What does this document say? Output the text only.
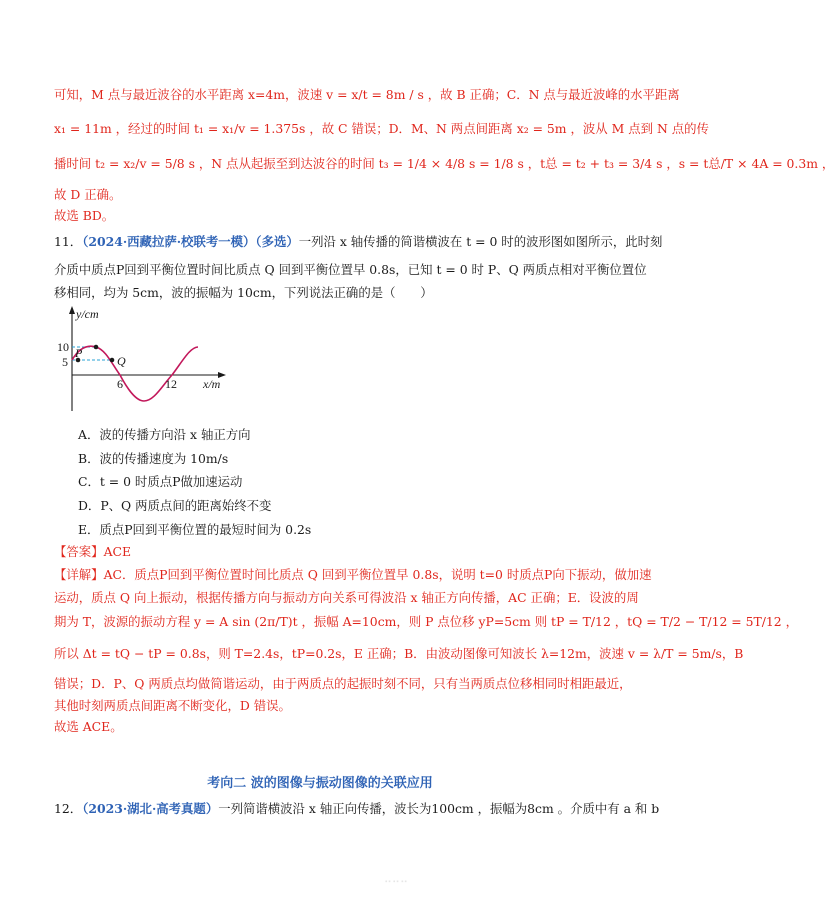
可知，M 点与最近波谷的水平距离 x=4m，波速 v = x/t = 8m / s ，故 B 正确；C．N 点与最近波峰的水平距离
x₁ = 11m ，经过的时间 t₁ = x₁/v = 1.375s ，故 C 错误；D．M、N 两点间距离 x₂ = 5m ，波从 M 点到 N 点的传
播时间 t₂ = x₂/v = 5/8 s ，N 点从起振至到达波谷的时间 t₃ = 1/4 × 4/8 s = 1/8 s ，t总 = t₂ + t₃ = 3/4 s ，s = t总/T × 4A = 0.3m ，
故 D 正确。
故选 BD。
11．（2024·西藏拉萨·校联考一模）（多选）一列沿 x 轴传播的简谐横波在 t = 0 时的波形图如图所示，此时刻
介质中质点P回到平衡位置时间比质点 Q 回到平衡位置早 0.8s，已知 t = 0 时 P、Q 两质点相对平衡位置位
移相同，均为 5cm，波的振幅为 10cm，下列说法正确的是（　　）
y/cm
10
5
P
Q
6	12 x/m
A．波的传播方向沿 x 轴正方向
B．波的传播速度为 10m/s
C．t = 0 时质点P做加速运动
D．P、Q 两质点间的距离始终不变
E．质点P回到平衡位置的最短时间为 0.2s
【答案】ACE
【详解】AC．质点P回到平衡位置时间比质点 Q 回到平衡位置早 0.8s，说明 t=0 时质点P向下振动，做加速
运动，质点 Q 向上振动，根据传播方向与振动方向关系可得波沿 x 轴正方向传播，AC 正确；E．设波的周
期为 T，波源的振动方程 y = A sin (2π/T)t ，振幅 A=10cm，则 P 点位移 yP=5cm 则 tP = T/12 ，tQ = T/2 − T/12 = 5T/12 ，
所以 Δt = tQ − tP = 0.8s，则 T=2.4s，tP=0.2s，E 正确；B．由波动图像可知波长 λ=12m，波速 v = λ/T = 5m/s，B
错误；D．P、Q 两质点均做简谐运动，由于两质点的起振时刻不同，只有当两质点位移相同时相距最近，
其他时刻两质点间距离不断变化，D 错误。
故选 ACE。
考向二 波的图像与振动图像的关联应用
12．（2023·湖北·高考真题）一列简谐横波沿 x 轴正向传播，波长为100cm ，振幅为8cm 。介质中有 a 和 b
⠒⠒⠒
